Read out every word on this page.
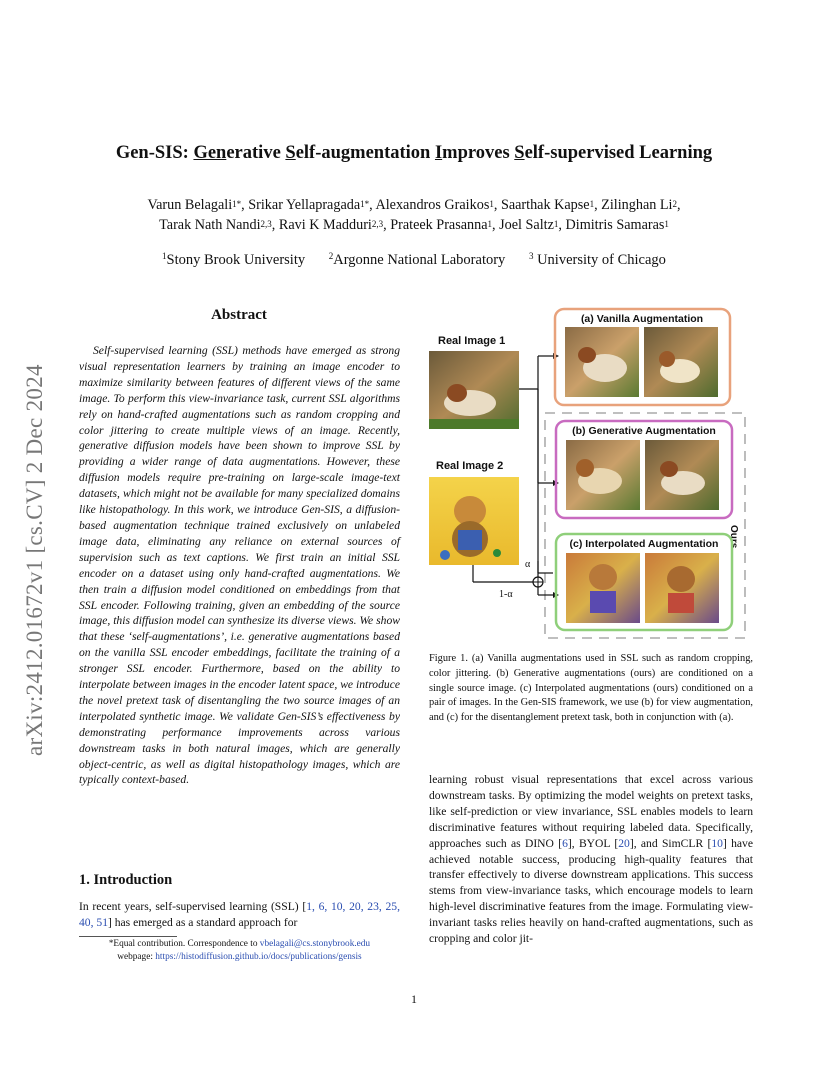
Gen-SIS: Generative Self-augmentation Improves Self-supervised Learning
Varun Belagali$^{1*}$, Srikar Yellapragada$^{1*}$, Alexandros Graikos$^1$, Saarthak Kapse$^1$, Zilinghan Li$^2$,
Tarak Nath Nandi$^{2,3}$, Ravi K Madduri$^{2,3}$, Prateek Prasanna$^1$, Joel Saltz$^1$, Dimitris Samaras$^1$
$^1$Stony Brook University	$^2$Argonne National Laboratory	$^3$ University of Chicago
arXiv:2412.01672v1 [cs.CV] 2 Dec 2024
Abstract
Self-supervised learning (SSL) methods have emerged as strong visual representation learners by training an image encoder to maximize similarity between features of different views of the same image. To perform this view-invariance task, current SSL algorithms rely on hand-crafted augmentations such as random cropping and color jittering to create multiple views of an image. Recently, generative diffusion models have been shown to improve SSL by providing a wider range of data augmentations. However, these diffusion models require pre-training on large-scale image-text datasets, which might not be available for many specialized domains like histopathology. In this work, we introduce Gen-SIS, a diffusion-based augmentation technique trained exclusively on unlabeled image data, eliminating any reliance on external sources of supervision such as text captions. We first train an initial SSL encoder on a dataset using only hand-crafted augmentations. We then train a diffusion model conditioned on embeddings from that SSL encoder. Following training, given an embedding of the source image, this diffusion model can synthesize its diverse views. We show that these ‘self-augmentations’, i.e. generative augmentations based on the vanilla SSL encoder embeddings, facilitate the training of a stronger SSL encoder. Furthermore, based on the ability to interpolate between images in the encoder latent space, we introduce the novel pretext task of disentangling the two source images of an interpolated synthetic image. We validate Gen-SIS’s effectiveness by demonstrating performance improvements across various downstream tasks in both natural images, which are generally object-centric, as well as digital histopathology images, which are typically context-based.
1. Introduction
In recent years, self-supervised learning (SSL) [1, 6, 10, 20, 23, 25, 40, 51] has emerged as a standard approach for
*Equal contribution. Correspondence to vbelagali@cs.stonybrook.edu
webpage: https://histodiffusion.github.io/docs/publications/gensis
Ours
Real Image 1
Real Image 2
α
1-α
(a) Vanilla Augmentation
(b) Generative Augmentation
(c) Interpolated Augmentation
Figure 1. (a) Vanilla augmentations used in SSL such as random cropping, color jittering. (b) Generative augmentations (ours) are conditioned on a single source image. (c) Interpolated augmentations (ours) conditioned on a pair of images. In the Gen-SIS framework, we use (b) for view augmentation, and (c) for the disentanglement pretext task, both in conjunction with (a).
learning robust visual representations that excel across various downstream tasks. By optimizing the model weights on pretext tasks, like self-prediction or view invariance, SSL enables models to learn discriminative features without requiring labeled data. Specifically, approaches such as DINO [6], BYOL [20], and SimCLR [10] have achieved notable success, producing high-quality features that transfer effectively to diverse downstream applications. This success stems from view-invariance tasks, which encourage models to learn high-level discriminative features from the image. Formulating view-invariant tasks relies heavily on hand-crafted augmentations, such as cropping and color jit-
1
